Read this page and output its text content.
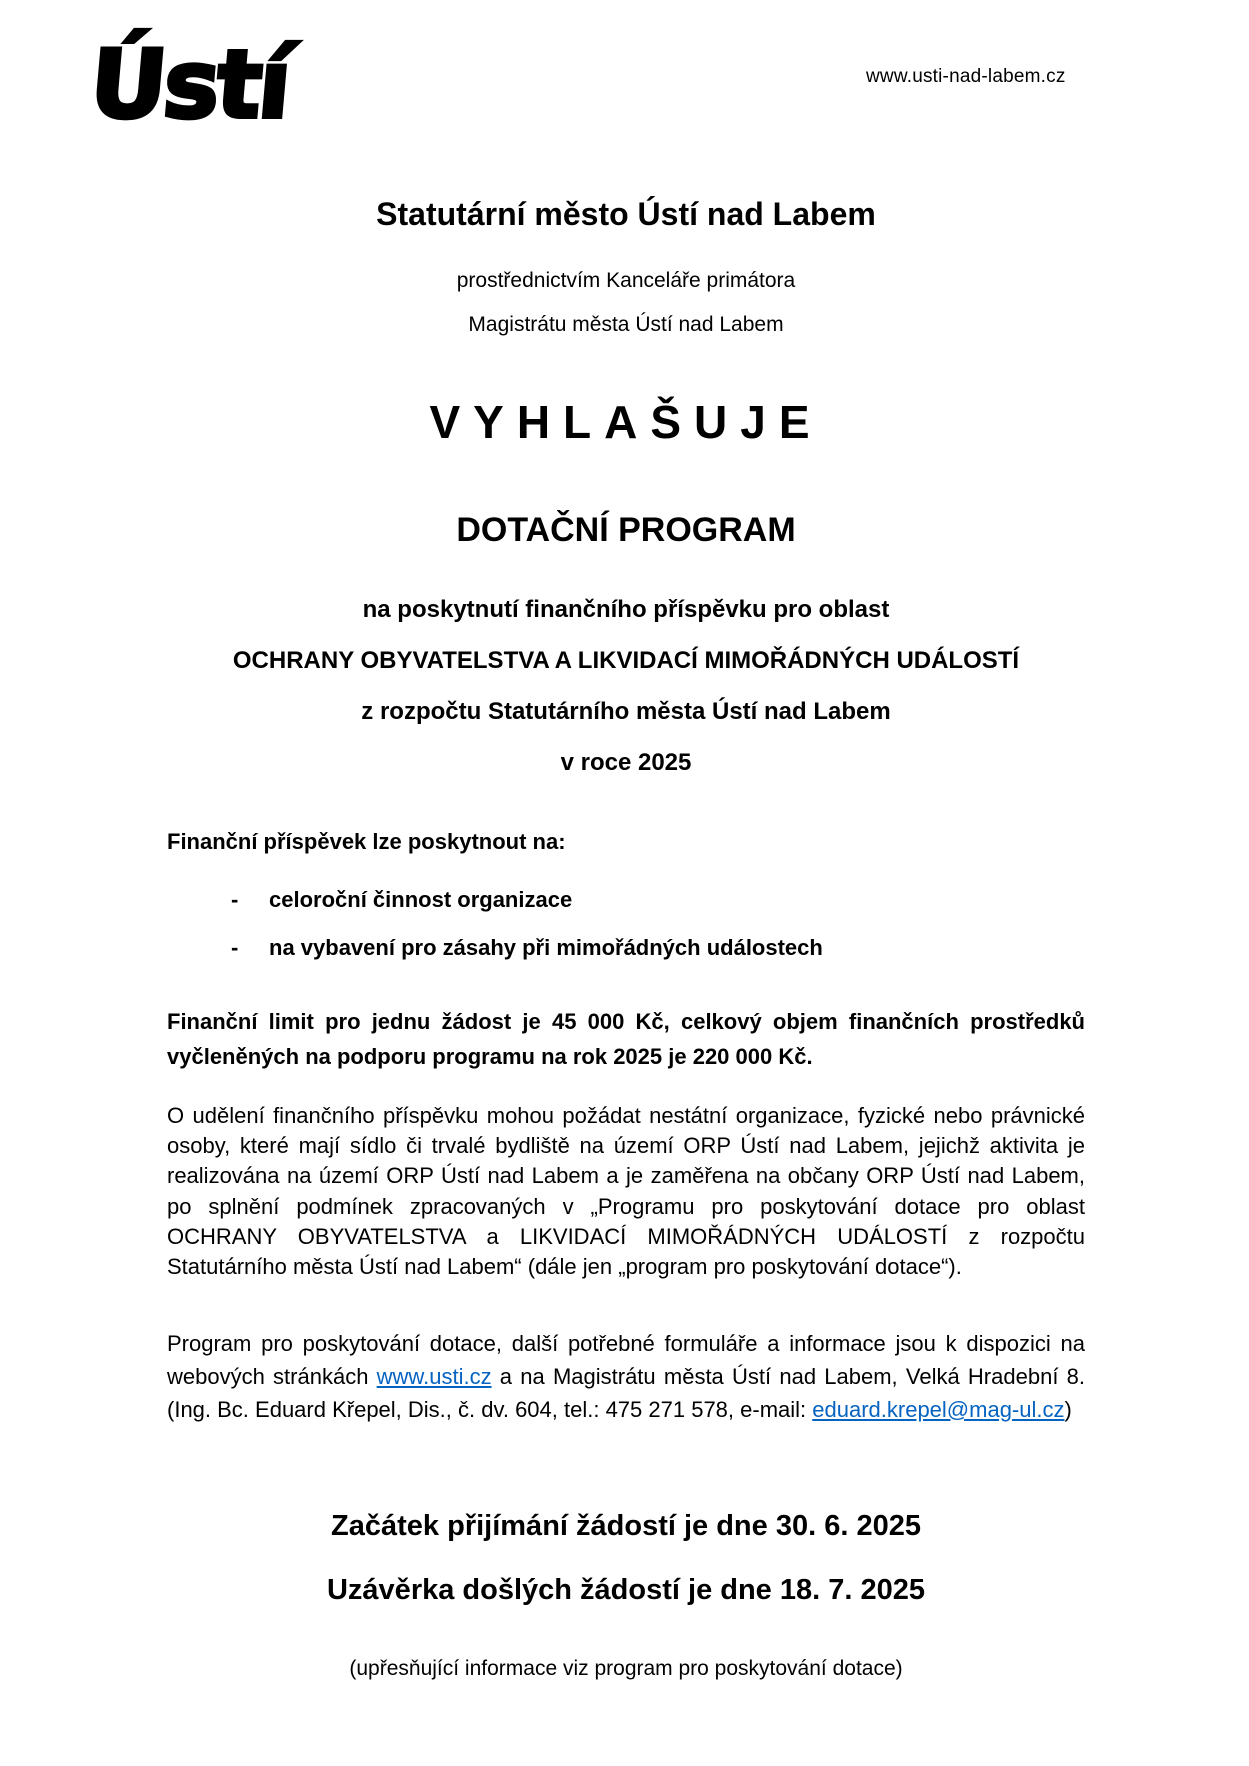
Ústí	www.usti-nad-labem.cz
Statutární město Ústí nad Labem
prostřednictvím Kanceláře primátora
Magistrátu města Ústí nad Labem
VYHLAŠUJE
DOTAČNÍ PROGRAM
na poskytnutí finančního příspěvku pro oblast
OCHRANY OBYVATELSTVA A LIKVIDACÍ MIMOŘÁDNÝCH UDÁLOSTÍ
z rozpočtu Statutárního města Ústí nad Labem
v roce 2025
Finanční příspěvek lze poskytnout na:
-	celoroční činnost organizace
-	na vybavení pro zásahy při mimořádných událostech
Finanční limit pro jednu žádost je 45 000 Kč, celkový objem finančních prostředků vyčleněných na podporu programu na rok 2025 je 220 000 Kč.
O udělení finančního příspěvku mohou požádat nestátní organizace, fyzické nebo právnické osoby, které mají sídlo či trvalé bydliště na území ORP Ústí nad Labem, jejichž aktivita je realizována na území ORP Ústí nad Labem a je zaměřena na občany ORP Ústí nad Labem, po splnění podmínek zpracovaných v „Programu pro poskytování dotace pro oblast OCHRANY OBYVATELSTVA a LIKVIDACÍ MIMOŘÁDNÝCH UDÁLOSTÍ z rozpočtu Statutárního města Ústí nad Labem“ (dále jen „program pro poskytování dotace“).
Program pro poskytování dotace, další potřebné formuláře a informace jsou k dispozici na webových stránkách www.usti.cz a na Magistrátu města Ústí nad Labem, Velká Hradební 8. (Ing. Bc. Eduard Křepel, Dis., č. dv. 604, tel.: 475 271 578, e-mail: eduard.krepel@mag-ul.cz)
Začátek přijímání žádostí je dne 30. 6. 2025
Uzávěrka došlých žádostí je dne 18. 7. 2025
(upřesňující informace viz program pro poskytování dotace)
